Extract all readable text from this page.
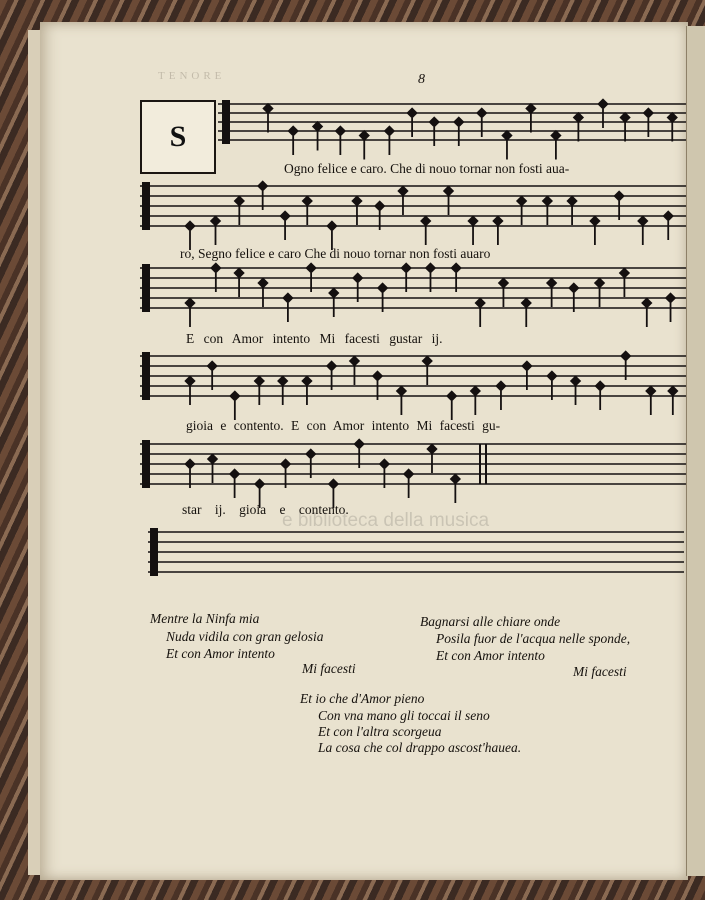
TENORE	8
S
Ogno felice e caro. Che di nouo tornar non fosti aua-
ro, Segno felice e caro Che di nouo tornar non fosti auaro
E con Amor intento Mi facesti gustar ij.
gioia e contento. E con Amor intento Mi facesti gu-
star ij. gioia e contento.
e biblioteca della musica
Mentre la Ninfa mia
Nuda vidila con gran gelosia
Et con Amor intento
Mi facesti
Bagnarsi alle chiare onde
Posila fuor de l'acqua nelle sponde,
Et con Amor intento
Mi facesti
Et io che d'Amor pieno
Con vna mano gli toccai il seno
Et con l'altra scorgeua
La cosa che col drappo ascost'hauea.
